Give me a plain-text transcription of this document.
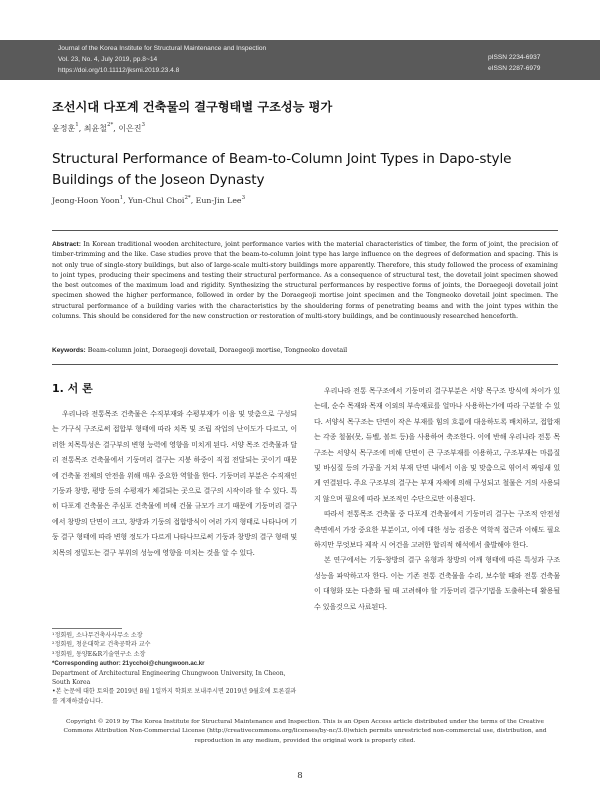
Journal of the Korea Institute for Structural Maintenance and Inspection
Vol. 23, No. 4, July 2019, pp.8~14
https://doi.org/10.11112/jksmi.2019.23.4.8
pISSN 2234-6937
eISSN 2287-6979
조선시대 다포계 건축물의 결구형태별 구조성능 평가
윤정훈$^1$, 최윤철$^{2*}$, 이은진$^3$
Structural Performance of Beam-to-Column Joint Types in Dapo-style Buildings of the Joseon Dynasty
Jeong-Hoon Yoon$^1$, Yun-Chul Choi$^{2*}$, Eun-Jin Lee$^3$
Abstract: In Korean traditional wooden architecture, joint performance varies with the material characteristics of timber, the form of joint, the precision of timber-trimming and the like. Case studies prove that the beam-to-column joint type has large influence on the degrees of deformation and spacing. This is not only true of single-story buildings, but also of large-scale multi-story buildings more apparently. Therefore, this study followed the process of examining to joint types, producing their specimens and testing their structural performance. As a consequence of structural test, the dovetail joint specimen showed the best outcomes of the maximum load and rigidity. Synthesizing the structural performances by respective forms of joints, the Doraegeoji dovetail joint specimen showed the higher performance, followed in order by the Doraegeoji mortise joint specimen and the Tongneoko dovetail joint specimen. The structural performance of a building varies with the characteristics by the shouldering forms of penetrating beams and with the joint types within the columns. This should be considered for the new construction or restoration of multi-story buildings, and be continuously researched henceforth.
Keywords: Beam-column joint, Doraegeoji dovetail, Doraegeoji mortise, Tongneoko dovetail
1. 서 론

우리나라 전통목조 건축물은 수직부재와 수평부재가 이음 및 맞춤으로 구성되는 가구식 구조로써 접합부 형태에 따라 치목 및 조립 작업의 난이도가 다르고, 이러한 치목특성은 결구부의 변형 능력에 영향을 미치게 된다. 서양 목조 건축물과 달리 전통목조 건축물에서 기둥머리 결구는 지붕 하중이 직접 전달되는 곳이기 때문에 건축물 전체의 안전을 위해 매우 중요한 역할을 한다. 기둥머리 부분은 수직재인 기둥과 창방, 평방 등의 수평재가 체결되는 곳으로 결구의 시작이라 할 수 있다. 특히 다포계 건축물은 주심포 건축물에 비해 건물 규모가 크기 때문에 기둥머리 결구에서 창방의 단면이 크고, 창방과 기둥의 접합방식이 여러 가지 형태로 나타나며 기둥 결구 형태에 따라 변형 정도가 다르게 나타나므로써 기둥과 창방의 결구 형태 및 치목의 정밀도는 결구 부위의 성능에 영향을 미치는 것을 알 수 있다.

우리나라 전통 목구조에서 기둥머리 결구부분은 서양 목구조 방식에 차이가 있는데, 순수 목재와 목재 이외의 부속재료를 얼마나 사용하는가에 따라 구분할 수 있다. 서양식 목구조는 단면이 작은 부재를 힘의 흐름에 대응하도록 배치하고, 접합재는 각종 철물(못, 듀벨, 볼트 등)을 사용하여 축조한다. 이에 반해 우리나라 전통 목구조는 서양식 목구조에 비해 단면이 큰 구조부재를 이용하고, 구조부재는 마름질 및 바심질 등의 가공을 거쳐 부재 단면 내에서 이음 및 맞춤으로 엮어서 짜임새 있게 연결된다. 주요 구조부의 결구는 부재 자체에 의해 구성되고 철물은 거의 사용되지 않으며 필요에 따라 보조적인 수단으로만 이용된다.

따라서 전통목조 건축물 중 다포계 건축물에서 기둥머리 결구는 구조적 안전성 측면에서 가장 중요한 부분이고, 이에 대한 성능 검증은 역학적 접근과 이해도 필요하지만 무엇보다 제작 시 여건을 고려한 합리적 해석에서 출발해야 한다.

본 연구에서는 기둥-창방의 결구 유형과 창방의 어깨 형태에 따른 특성과 구조 성능을 파악하고자 한다. 이는 기존 전통 건축물을 수리, 보수할 때와 전통 건축물이 대형화 또는 다층화 될 때 고려해야 할 기둥머리 결구기법을 도출하는데 활용될 수 있을것으로 사료된다.

¹정회원, 소나무건축사사무소 소장
²정회원, 청운대학교 건축공학과 교수
³정회원, 동양E&R기술연구소 소장
*Corresponding author: 21ycchoi@chungwoon.ac.kr
Department of Architectural Engineering Chungwoon University, In Cheon, South Korea
•본 논문에 대한 토의를 2019년 8월 1일까지 학회로 보내주시면 2019년 9월호에 토론결과를 게재하겠습니다.
Copyright © 2019 by The Korea Institute for Structural Maintenance and Inspection. This is an Open Access article distributed under the terms of the Creative Commons Attribution Non-Commercial License (http://creativecommons.org/licenses/by-nc/3.0)which permits unrestricted non-commercial use, distribution, and reproduction in any medium, provided the original work is properly cited.
8
